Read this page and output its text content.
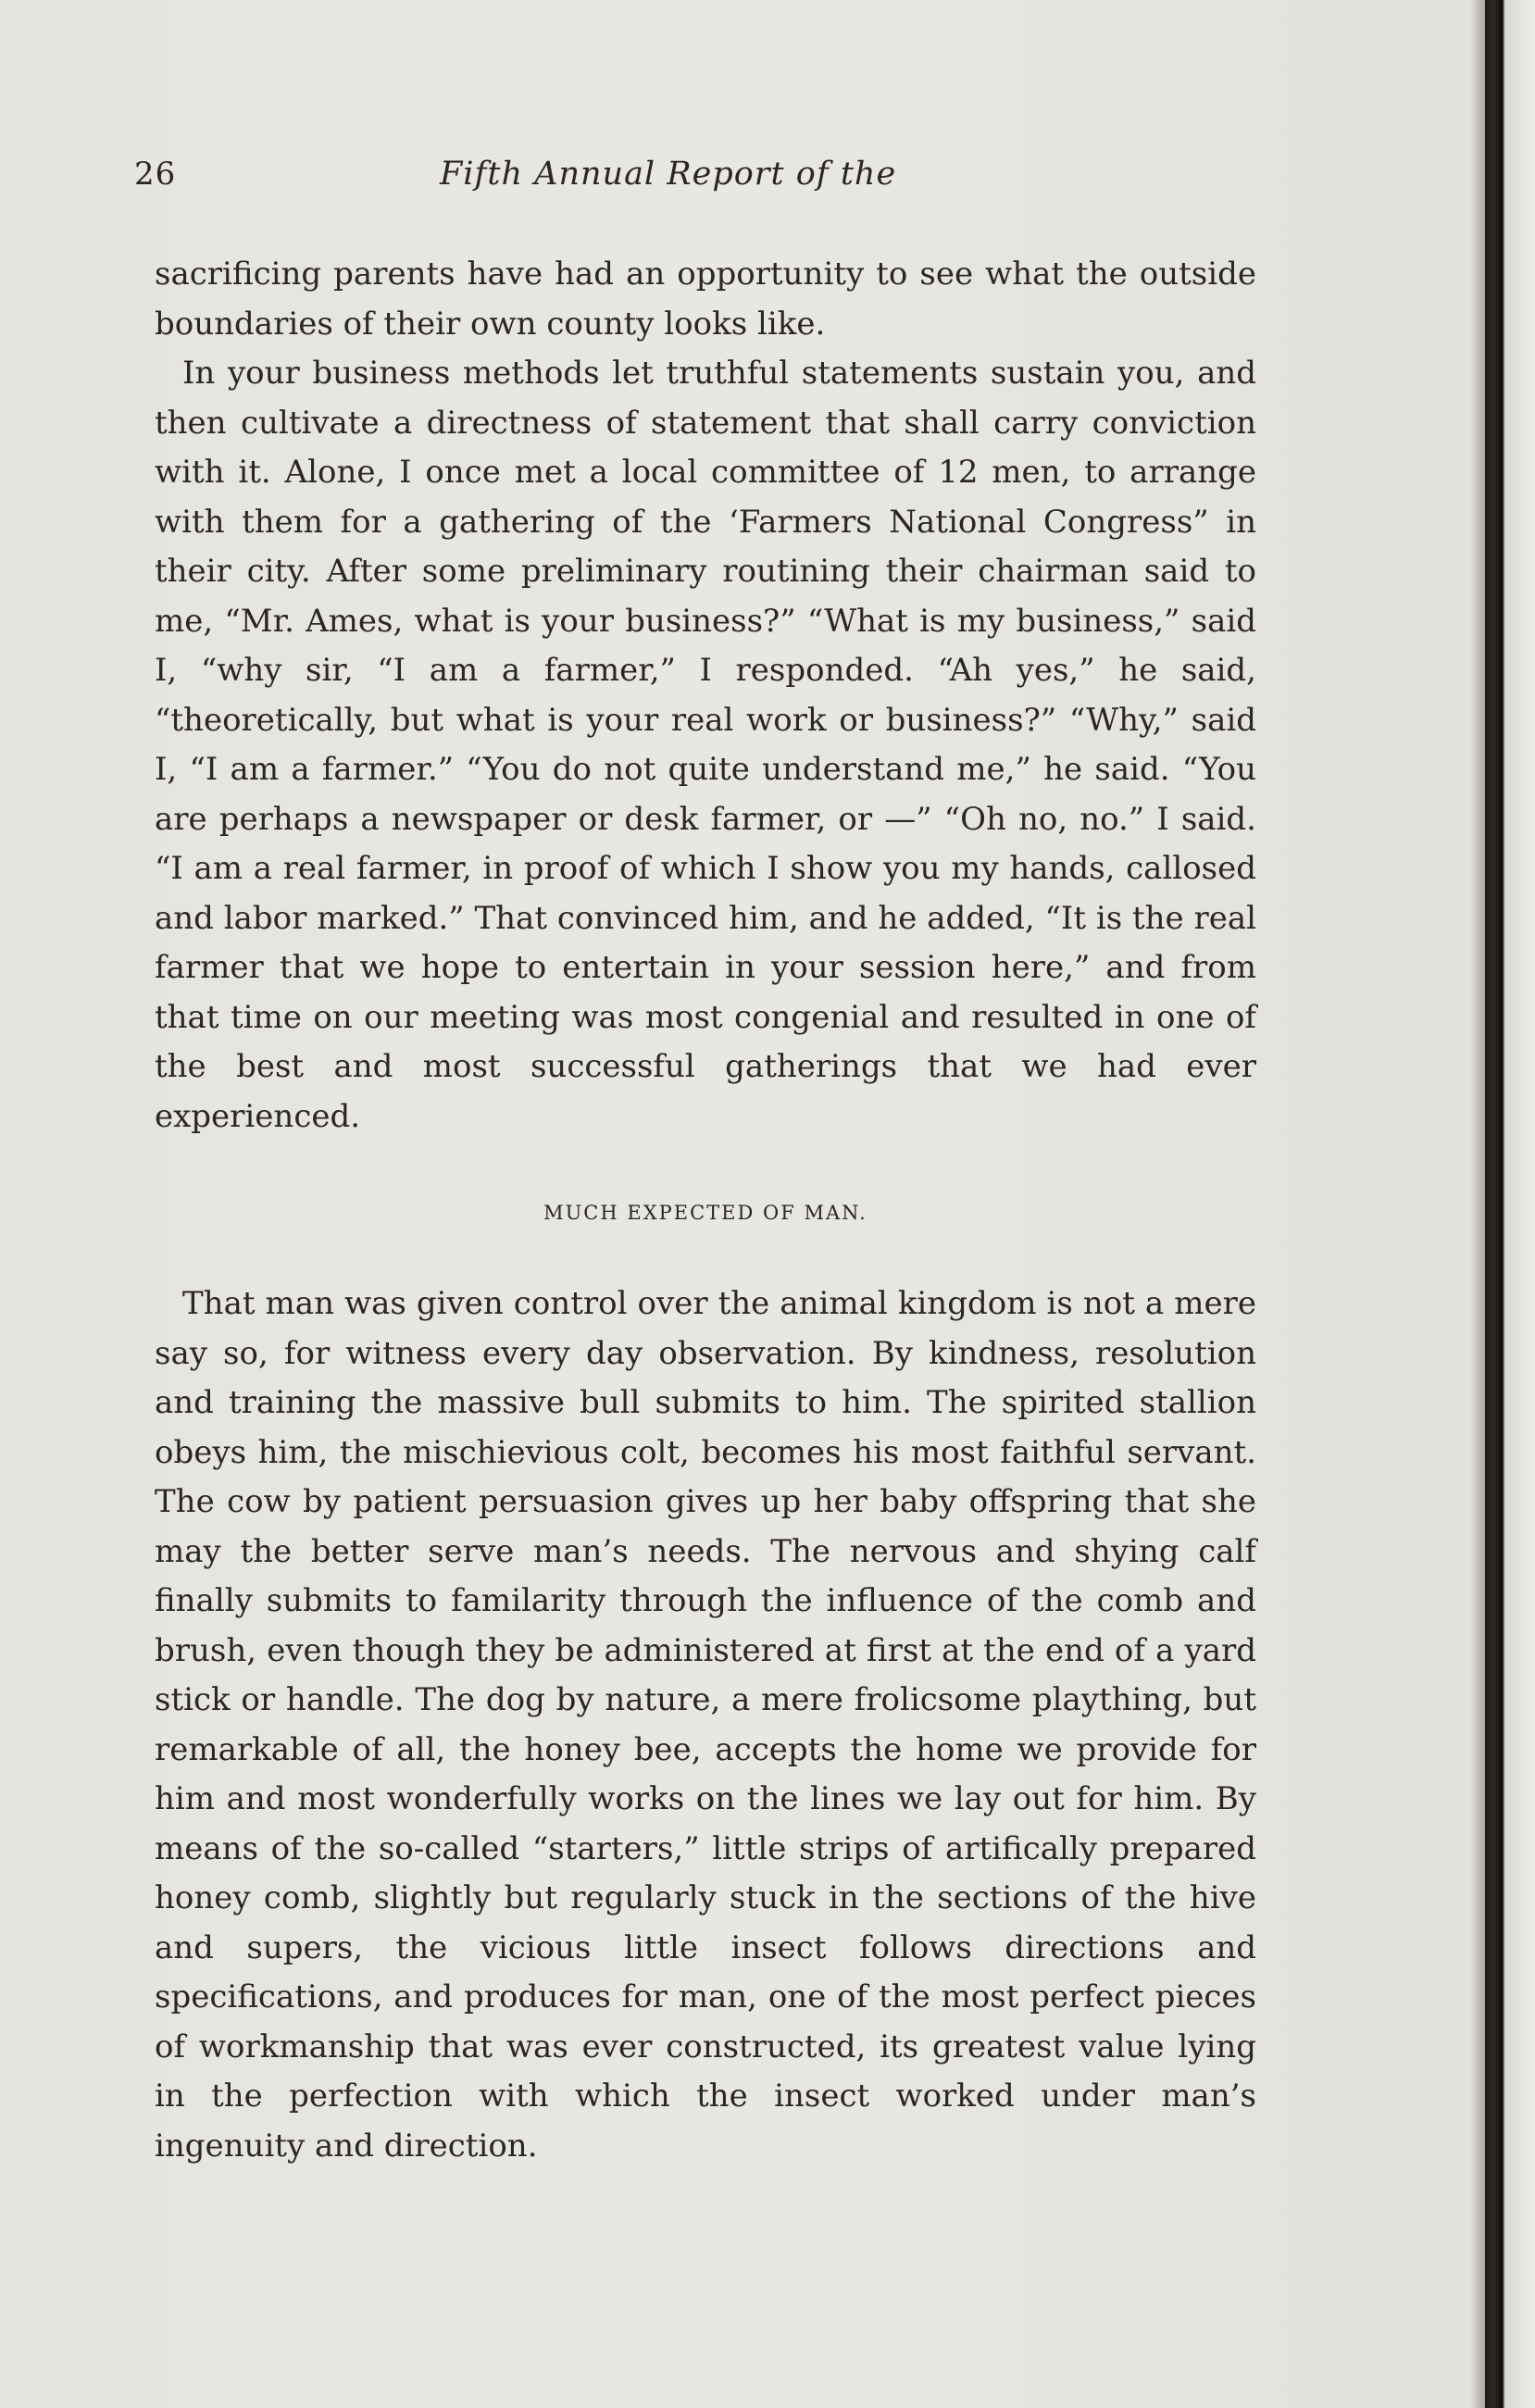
26	Fifth Annual Report of the

sacrificing parents have had an opportunity to see what the outside boundaries of their own county looks like.

In your business methods let truthful statements sustain you, and then cultivate a directness of statement that shall carry conviction with it. Alone, I once met a local committee of 12 men, to arrange with them for a gathering of the ‘Farmers National Congress” in their city. After some preliminary routining their chairman said to me, “Mr. Ames, what is your business?” “What is my business,” said I, “why sir, “I am a farmer,” I responded. “Ah yes,” he said, “theoretically, but what is your real work or business?” “Why,” said I, “I am a farmer.” “You do not quite understand me,” he said. “You are perhaps a newspaper or desk farmer, or —” “Oh no, no.” I said. “I am a real farmer, in proof of which I show you my hands, callosed and labor marked.” That convinced him, and he added, “It is the real farmer that we hope to entertain in your session here,” and from that time on our meeting was most congenial and resulted in one of the best and most successful gatherings that we had ever experienced.

MUCH EXPECTED OF MAN.

That man was given control over the animal kingdom is not a mere say so, for witness every day observation. By kindness, resolution and training the massive bull submits to him. The spirited stallion obeys him, the mischievious colt, becomes his most faithful servant. The cow by patient persuasion gives up her baby offspring that she may the better serve man’s needs. The nervous and shying calf finally submits to familarity through the influence of the comb and brush, even though they be administered at first at the end of a yard stick or handle. The dog by nature, a mere frolicsome plaything, but remarkable of all, the honey bee, accepts the home we provide for him and most wonderfully works on the lines we lay out for him. By means of the so-called “starters,” little strips of artifically prepared honey comb, slightly but regularly stuck in the sections of the hive and supers, the vicious little insect follows directions and specifications, and produces for man, one of the most perfect pieces of workmanship that was ever constructed, its greatest value lying in the perfection with which the insect worked under man’s ingenuity and direction.
